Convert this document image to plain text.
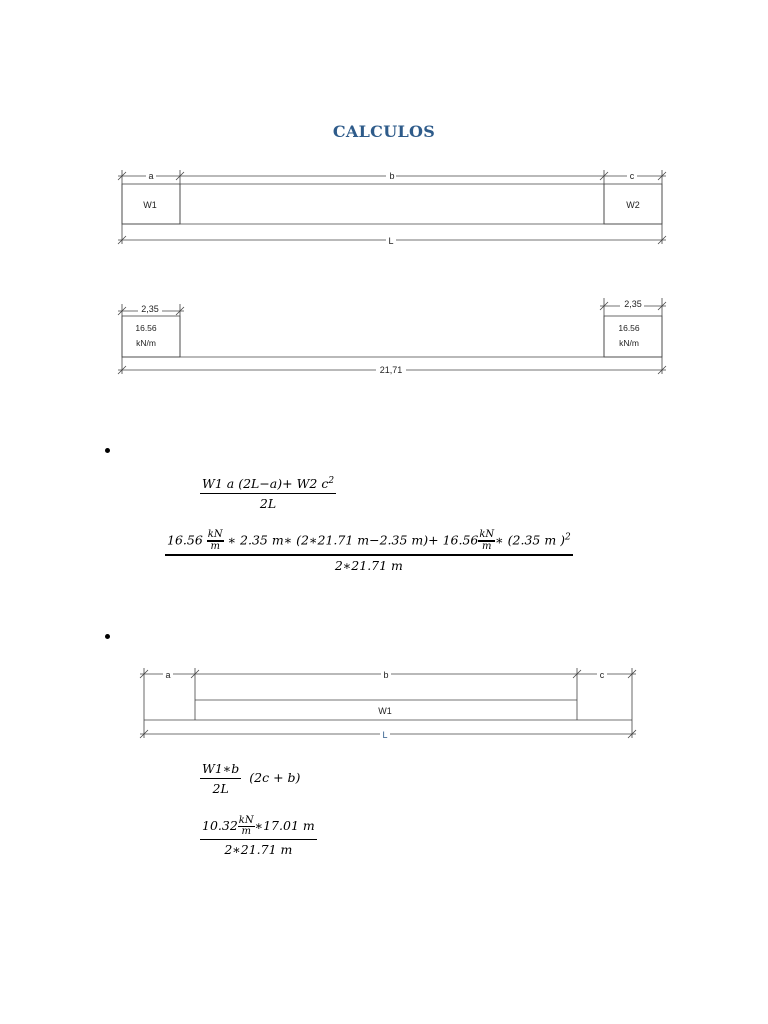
CALCULOS
a	b	c
W1	W2
L
2,35	2,35
16.56
kN/m
16.56
kN/m
21,71
$\frac{W1 a (2L-a)+ W2 c^2}{2L}$
$16.56 \frac{kN}{m}$ ∗ 2.35 m∗ (2∗21.71 m−2.35 $m)+ 16.56 \frac{kN}{m}$ ∗ (2.35 m )$^2$
2∗21.71 m
a	b	c
W1
L
$\frac{W1∗b}{2L} (2c + b)$
$\frac{10.32 \frac{kN}{m} ∗17.01 m}{2∗21.71 m}$
